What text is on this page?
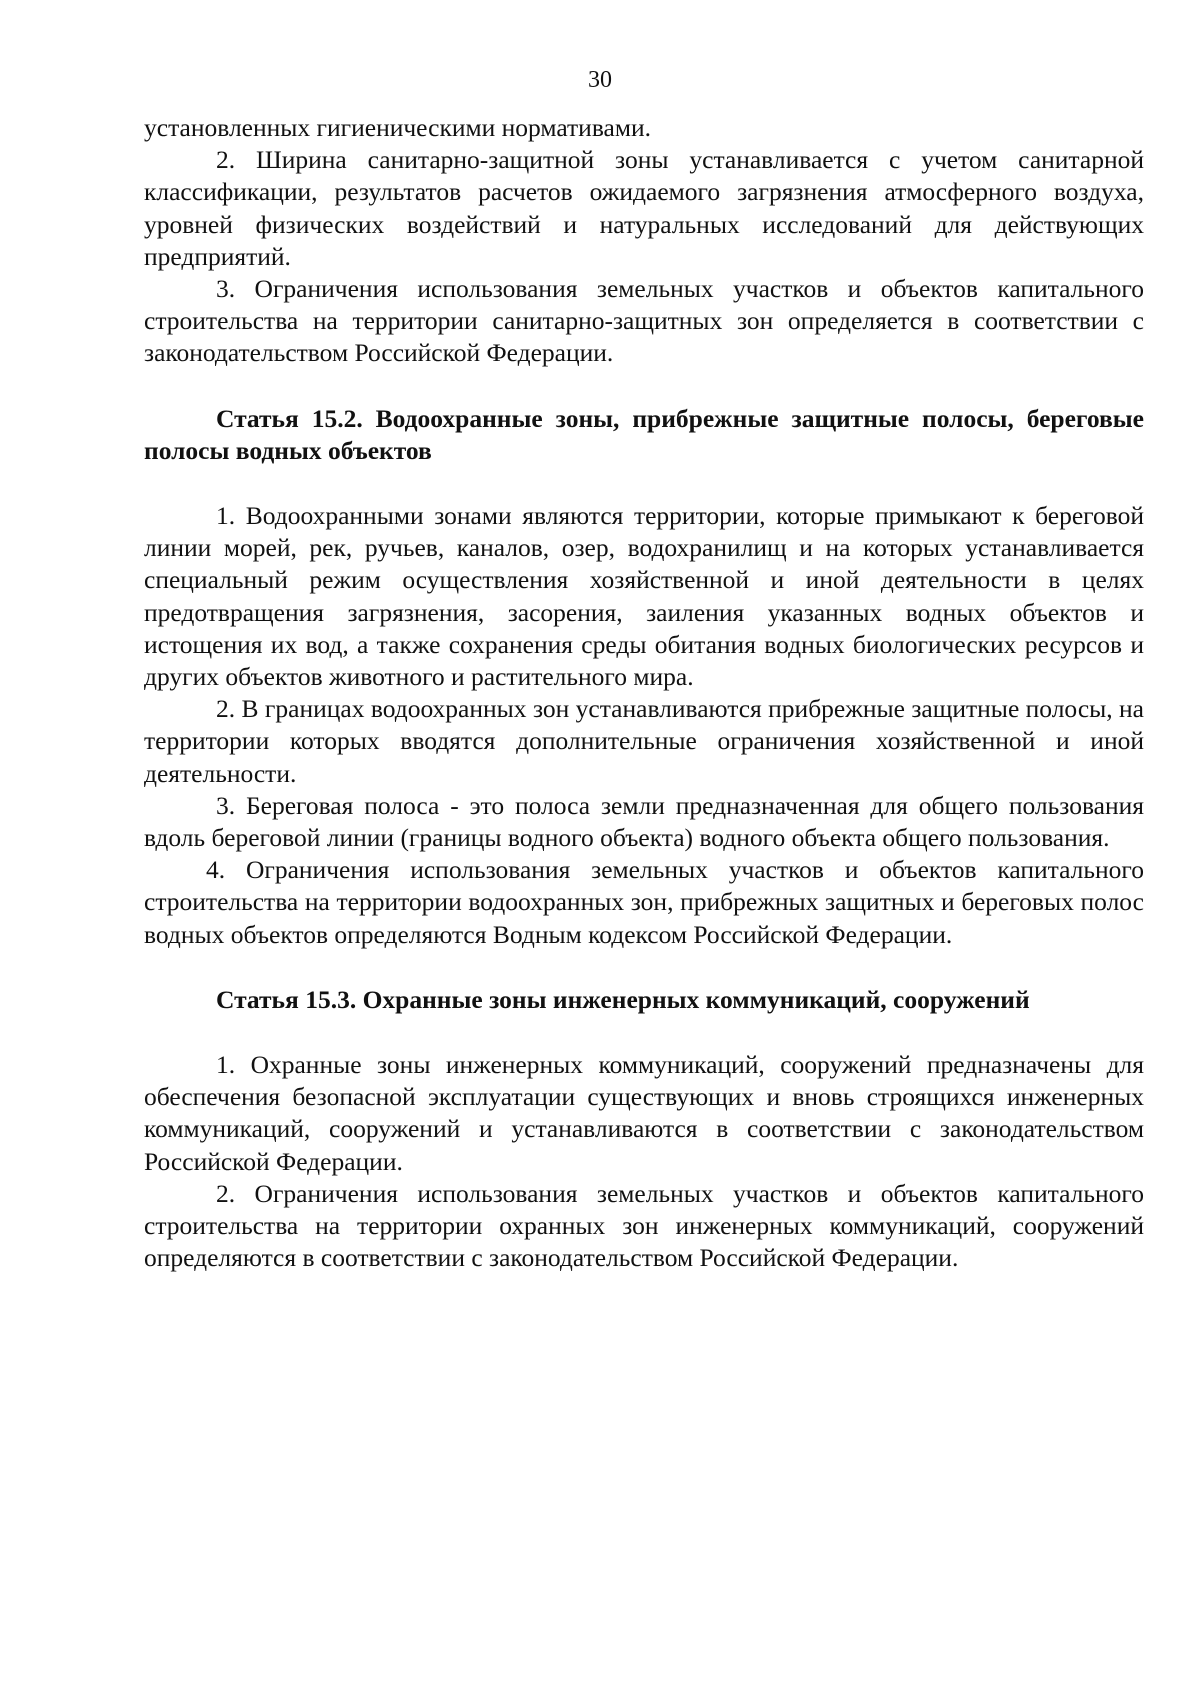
30

установленных гигиеническими нормативами.

2. Ширина санитарно-защитной зоны устанавливается с учетом санитарной классификации, результатов расчетов ожидаемого загрязнения атмосферного воздуха, уровней физических воздействий и натуральных исследований для действующих предприятий.

3. Ограничения использования земельных участков и объектов капитального строительства на территории санитарно-защитных зон определяется в соответствии с законодательством Российской Федерации.

Статья 15.2. Водоохранные зоны, прибрежные защитные полосы, береговые полосы водных объектов

1. Водоохранными зонами являются территории, которые примыкают к береговой линии морей, рек, ручьев, каналов, озер, водохранилищ и на которых устанавливается специальный режим осуществления хозяйственной и иной деятельности в целях предотвращения загрязнения, засорения, заиления указанных водных объектов и истощения их вод, а также сохранения среды обитания водных биологических ресурсов и других объектов животного и растительного мира.

2. В границах водоохранных зон устанавливаются прибрежные защитные полосы, на территории которых вводятся дополнительные ограничения хозяйственной и иной деятельности.

3. Береговая полоса - это полоса земли предназначенная для общего пользования вдоль береговой линии (границы водного объекта) водного объекта общего пользования.

4. Ограничения использования земельных участков и объектов капитального строительства на территории водоохранных зон, прибрежных защитных и береговых полос водных объектов определяются Водным кодексом Российской Федерации.

Статья 15.3. Охранные зоны инженерных коммуникаций, сооружений

1. Охранные зоны инженерных коммуникаций, сооружений предназначены для обеспечения безопасной эксплуатации существующих и вновь строящихся инженерных коммуникаций, сооружений и устанавливаются в соответствии с законодательством Российской Федерации.

2. Ограничения использования земельных участков и объектов капитального строительства на территории охранных зон инженерных коммуникаций, сооружений определяются в соответствии с законодательством Российской Федерации.
